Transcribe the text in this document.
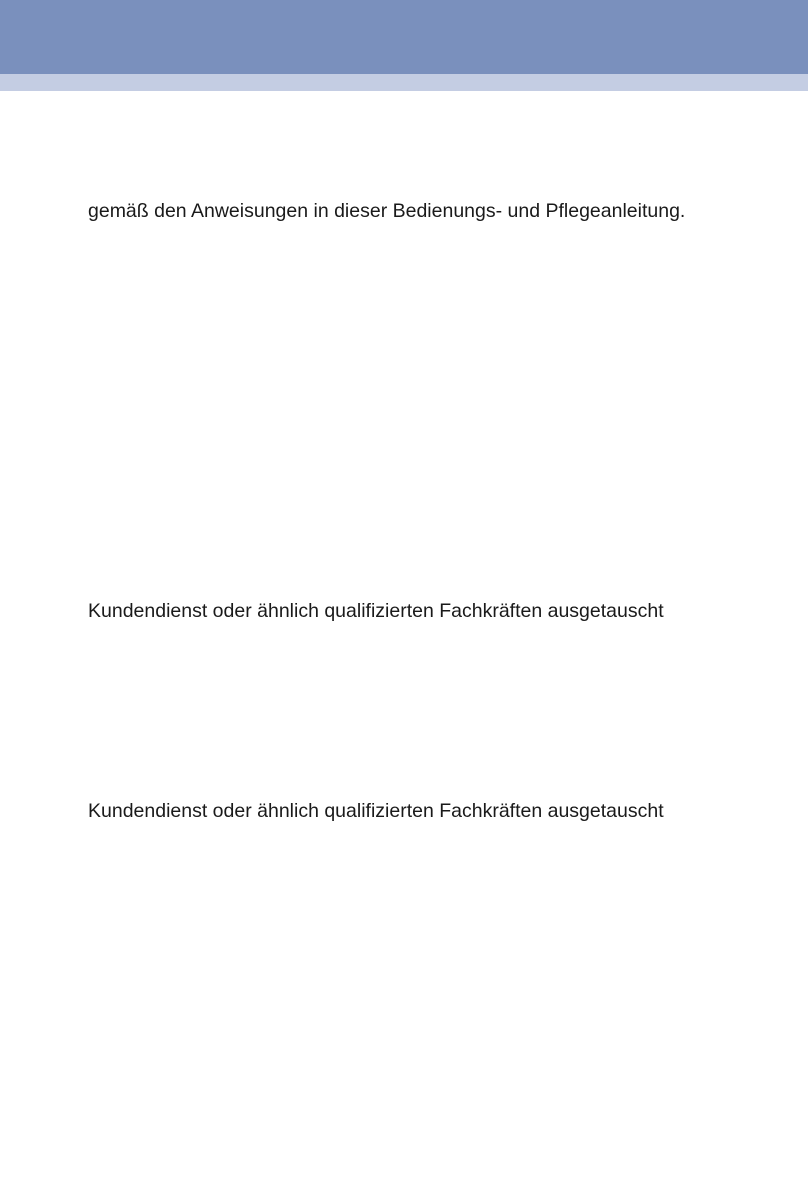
gemäß den Anweisungen in dieser Bedienungs- und Pflegeanleitung.

Kundendienst oder ähnlich qualifizierten Fachkräften ausgetauscht

Kundendienst oder ähnlich qualifizierten Fachkräften ausgetauscht
